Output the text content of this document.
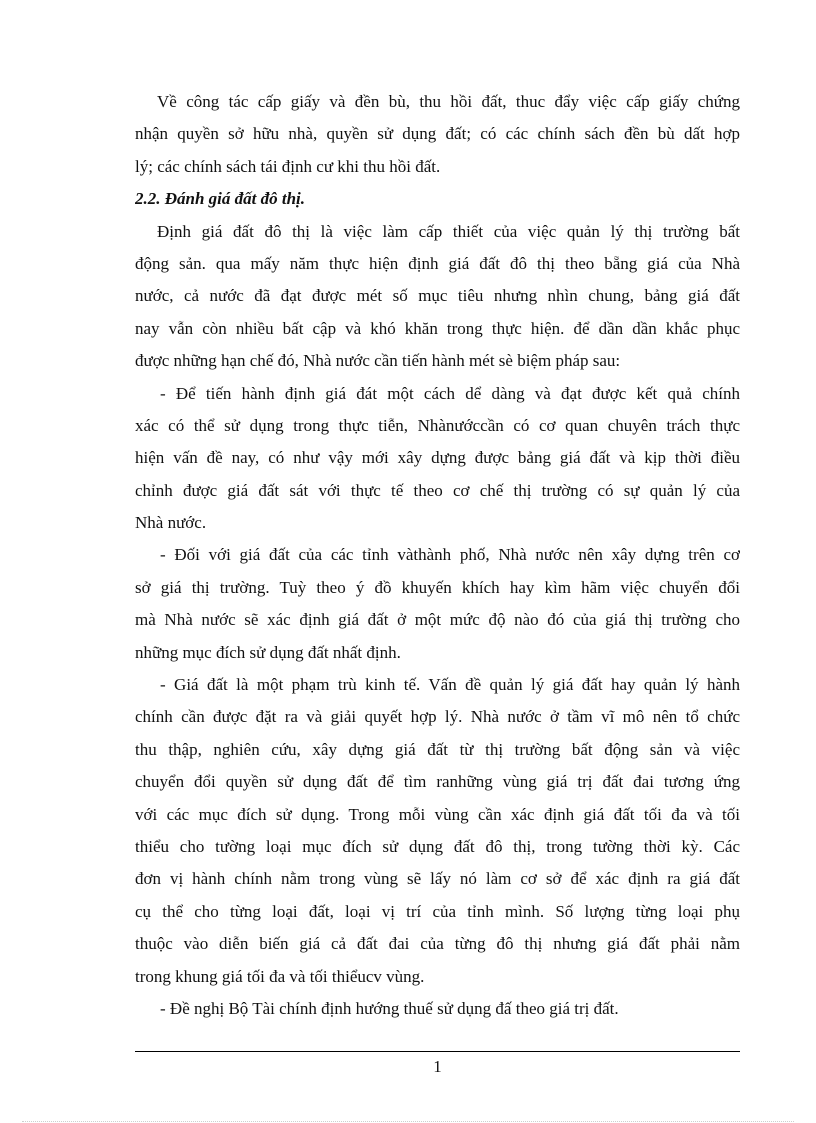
Về công tác cấp giấy và đền bù, thu hồi đất, thuc đẩy việc cấp giấy chứng
nhận quyền sở hữu nhà, quyền sử dụng đất; có các chính sách đền bù dất hợp
lý; các chính sách tái định cư khi thu hồi đất.
2.2. Đánh giá đất đô thị.
Định giá đất đô thị là việc làm cấp thiết của việc quản lý thị trường bất
động sản. qua mấy năm thực hiện định giá đất đô thị theo bẵng giá của Nhà
nước, cả nước đã đạt được mét số mục tiêu nhưng nhìn chung, bảng giá đất
nay vẫn còn nhiều bất cập và khó khăn trong thực hiện. để dần dần khắc phục
được những hạn chế đó, Nhà nước cần tiến hành mét sè biệm pháp sau:
- Để tiến hành định giá đát một cách dể dàng và đạt được kết quả chính
xác có thể sử dụng trong thực tiễn, Nhànướccần có cơ quan chuyên trách thực
hiện vấn đề nay, có như vậy mới xây dựng được bảng giá đất và kịp thời điều
chỉnh được giá đất sát với thực tế theo cơ chế thị trường có sự quản lý của
Nhà nước.
- Đối với giá đất của các tỉnh vàthành phố, Nhà nước nên xây dựng trên cơ
sở giá thị trường. Tuỳ theo ý đồ khuyến khích hay kìm hãm việc chuyển đổi
mà Nhà nước sẽ xác định giá đất ở một mức độ nào đó của giá thị trường cho
những mục đích sử dụng đất nhất định.
- Giá đất là một phạm trù kinh tế. Vấn đề quản lý giá đất hay quản lý hành
chính cần được đặt ra và giải quyết hợp lý. Nhà nước ở tầm vĩ mô nên tổ chức
thu thập, nghiên cứu, xây dựng giá đất từ thị trường bất động sản và việc
chuyển đổi quyền sử dụng đất để tìm ranhững vùng giá trị đất đai tương ứng
với các mục đích sử dụng. Trong mỗi vùng cần xác định giá đất tối đa và tối
thiểu cho tường loại mục đích sử dụng đất đô thị, trong tường thời kỳ. Các
đơn vị hành chính nằm trong vùng sẽ lấy nó làm cơ sở để xác định ra giá đất
cụ thể cho từng loại đất, loại vị trí của tỉnh mình. Số lượng từng loại phụ
thuộc vào diễn biến giá cả đất đai của từng đô thị nhưng giá đất phải nằm
trong khung giá tối đa và tối thiểucv vùng.
- Đề nghị Bộ Tài chính định hướng thuế sử dụng đấ theo giá trị đất.
1
